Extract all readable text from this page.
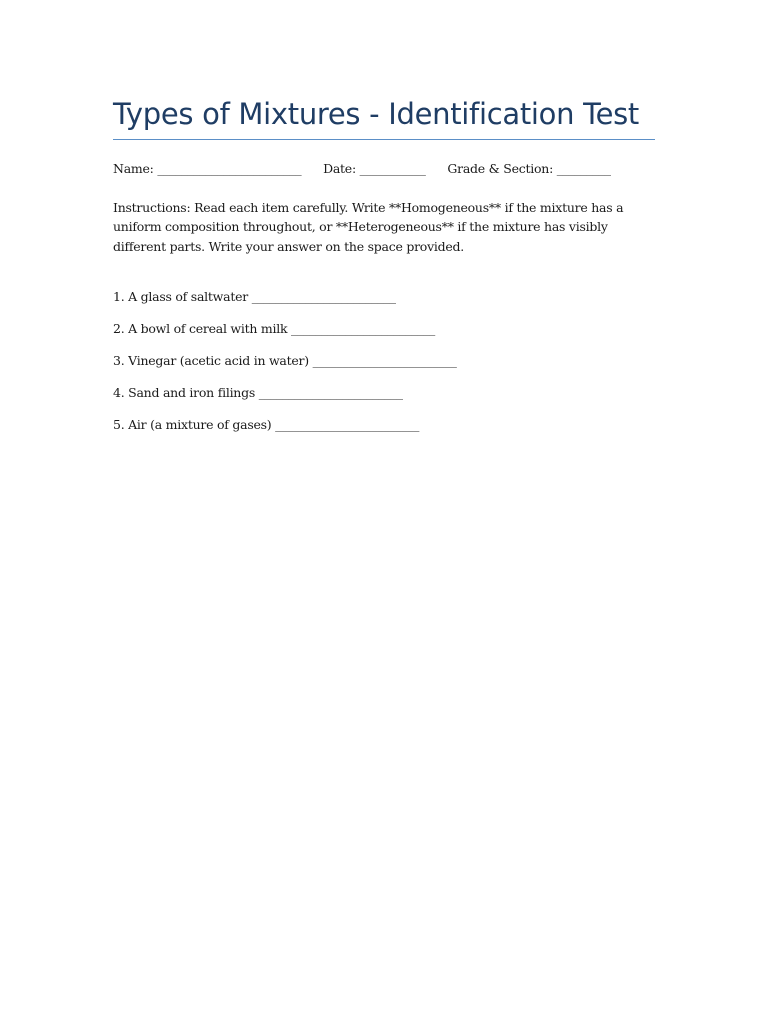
Types of Mixtures - Identification Test
Name: ________________________ Date: ___________ Grade & Section: _________

Instructions: Read each item carefully. Write **Homogeneous** if the mixture has a uniform composition throughout, or **Heterogeneous** if the mixture has visibly different parts. Write your answer on the space provided.

1. A glass of saltwater ________________________
2. A bowl of cereal with milk ________________________
3. Vinegar (acetic acid in water) ________________________
4. Sand and iron filings ________________________
5. Air (a mixture of gases) ________________________
